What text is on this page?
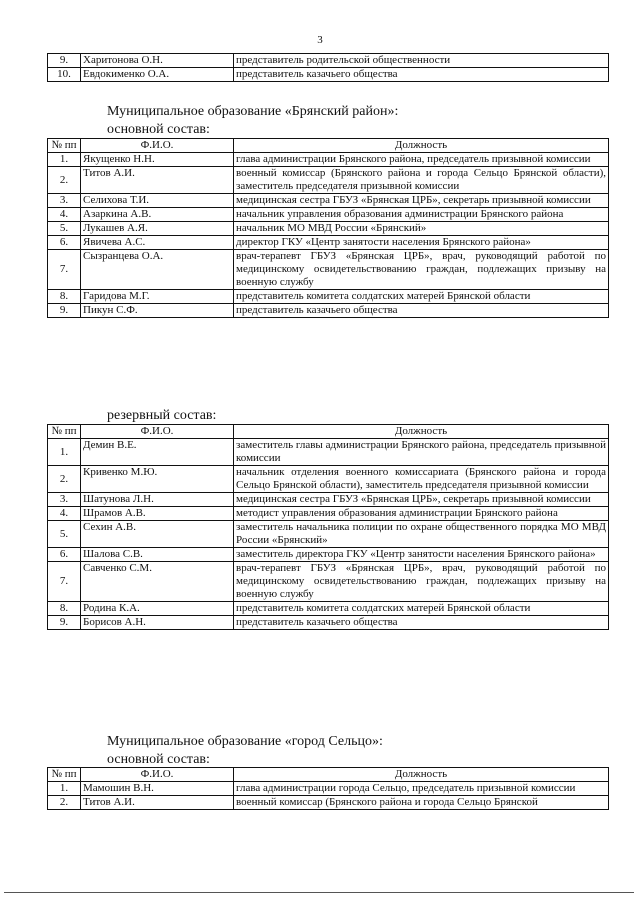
3
9.	Харитонова О.Н.	представитель родительской общественности
10.	Евдокименко О.А.	представитель казачьего общества
Муниципальное образование «Брянский район»:
основной состав:
№ пп	Ф.И.О.	Должность
1.	Якущенко Н.Н.	глава администрации Брянского района, председатель призывной комиссии
2.	Титов А.И.	военный комиссар (Брянского района и города Сельцо Брянской области), заместитель председателя призывной комиссии
3.	Селихова Т.И.	медицинская сестра ГБУЗ «Брянская ЦРБ», секретарь призывной комиссии
4.	Азаркина А.В.	начальник управления образования администрации Брянского района
5.	Лукашев А.Я.	начальник МО МВД России «Брянский»
6.	Явичева А.С.	директор ГКУ «Центр занятости населения Брянского района»
7.	Сызранцева О.А.	врач-терапевт ГБУЗ «Брянская ЦРБ», врач, руководящий работой по медицинскому освидетельствованию граждан, подлежащих призыву на военную службу
8.	Гаридова М.Г.	представитель комитета солдатских матерей Брянской области
9.	Пикун С.Ф.	представитель казачьего общества
резервный состав:
№ пп	Ф.И.О.	Должность
1.	Демин В.Е.	заместитель главы администрации Брянского района, председатель призывной комиссии
2.	Кривенко М.Ю.	начальник отделения военного комиссариата (Брянского района и города Сельцо Брянской области), заместитель председателя призывной комиссии
3.	Шатунова Л.Н.	медицинская сестра ГБУЗ «Брянская ЦРБ», секретарь призывной комиссии
4.	Шрамов А.В.	методист управления образования администрации Брянского района
5.	Сехин А.В.	заместитель начальника полиции по охране общественного порядка МО МВД России «Брянский»
6.	Шалова С.В.	заместитель директора ГКУ «Центр занятости населения Брянского района»
7.	Савченко С.М.	врач-терапевт ГБУЗ «Брянская ЦРБ», врач, руководящий работой по медицинскому освидетельствованию граждан, подлежащих призыву на военную службу
8.	Родина К.А.	представитель комитета солдатских матерей Брянской области
9.	Борисов А.Н.	представитель казачьего общества
Муниципальное образование «город Сельцо»:
основной состав:
№ пп	Ф.И.О.	Должность
1.	Мамошин В.Н.	глава администрации города Сельцо, председатель призывной комиссии
2.	Титов А.И.	военный комиссар (Брянского района и города Сельцо Брянской
